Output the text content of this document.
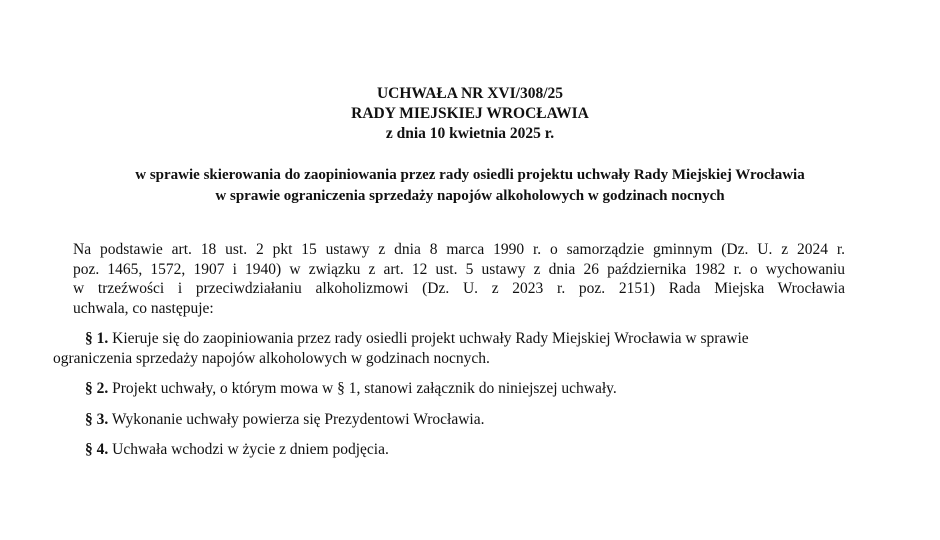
UCHWAŁA NR XVI/308/25
RADY MIEJSKIEJ WROCŁAWIA
z dnia 10 kwietnia 2025 r.
w sprawie skierowania do zaopiniowania przez rady osiedli projektu uchwały Rady Miejskiej Wrocławia
w sprawie ograniczenia sprzedaży napojów alkoholowych w godzinach nocnych

Na podstawie art. 18 ust. 2 pkt 15 ustawy z dnia 8 marca 1990 r. o samorządzie gminnym (Dz. U. z 2024 r.
poz. 1465, 1572, 1907 i 1940) w związku z art. 12 ust. 5 ustawy z dnia 26 października 1982 r. o wychowaniu
w trzeźwości i przeciwdziałaniu alkoholizmowi (Dz. U. z 2023 r. poz. 2151) Rada Miejska Wrocławia
uchwala, co następuje:

§ 1. Kieruje się do zaopiniowania przez rady osiedli projekt uchwały Rady Miejskiej Wrocławia w sprawie
ograniczenia sprzedaży napojów alkoholowych w godzinach nocnych.

§ 2. Projekt uchwały, o którym mowa w § 1, stanowi załącznik do niniejszej uchwały.

§ 3. Wykonanie uchwały powierza się Prezydentowi Wrocławia.

§ 4. Uchwała wchodzi w życie z dniem podjęcia.
